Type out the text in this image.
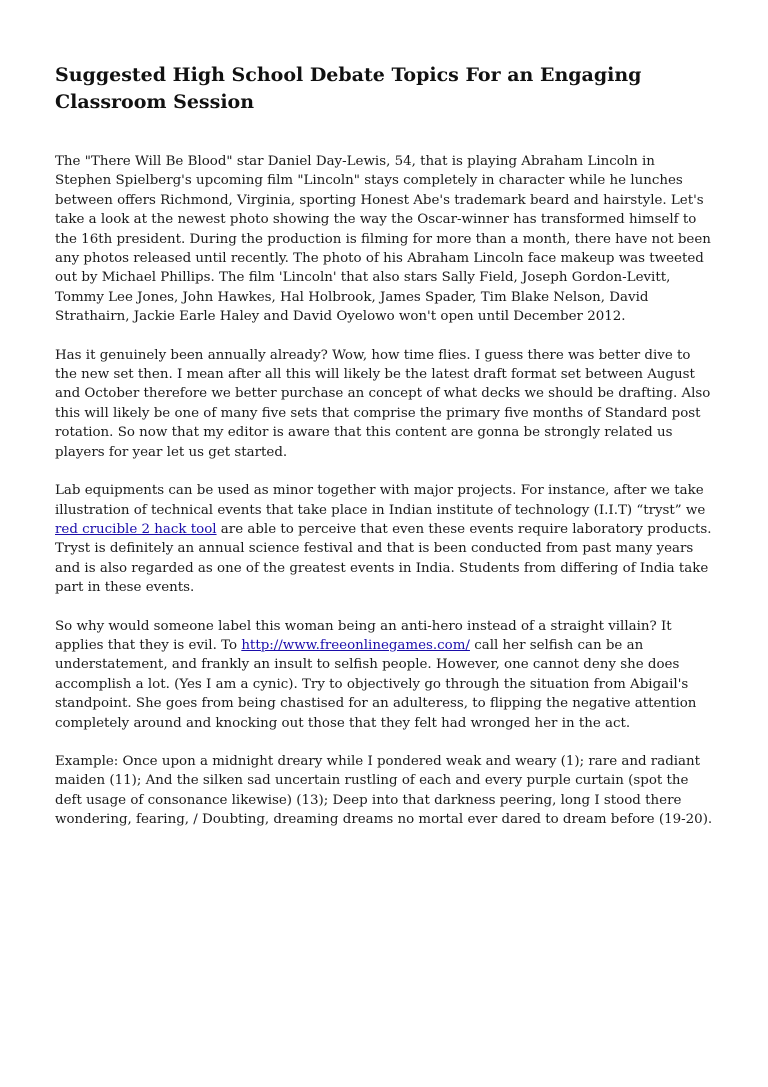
Suggested High School Debate Topics For an Engaging Classroom Session

The "There Will Be Blood" star Daniel Day-Lewis, 54, that is playing Abraham Lincoln in Stephen Spielberg's upcoming film "Lincoln" stays completely in character while he lunches between offers Richmond, Virginia, sporting Honest Abe's trademark beard and hairstyle. Let's take a look at the newest photo showing the way the Oscar-winner has transformed himself to the 16th president. During the production is filming for more than a month, there have not been any photos released until recently. The photo of his Abraham Lincoln face makeup was tweeted out by Michael Phillips. The film 'Lincoln' that also stars Sally Field, Joseph Gordon-Levitt, Tommy Lee Jones, John Hawkes, Hal Holbrook, James Spader, Tim Blake Nelson, David Strathairn, Jackie Earle Haley and David Oyelowo won't open until December 2012.

Has it genuinely been annually already? Wow, how time flies. I guess there was better dive to the new set then. I mean after all this will likely be the latest draft format set between August and October therefore we better purchase an concept of what decks we should be drafting. Also this will likely be one of many five sets that comprise the primary five months of Standard post rotation. So now that my editor is aware that this content are gonna be strongly related us players for year let us get started.

Lab equipments can be used as minor together with major projects. For instance, after we take illustration of technical events that take place in Indian institute of technology (I.I.T) “tryst” we red crucible 2 hack tool are able to perceive that even these events require laboratory products. Tryst is definitely an annual science festival and that is been conducted from past many years and is also regarded as one of the greatest events in India. Students from differing of India take part in these events.

So why would someone label this woman being an anti-hero instead of a straight villain? It applies that they is evil. To http://www.freeonlinegames.com/ call her selfish can be an understatement, and frankly an insult to selfish people. However, one cannot deny she does accomplish a lot. (Yes I am a cynic). Try to objectively go through the situation from Abigail's standpoint. She goes from being chastised for an adulteress, to flipping the negative attention completely around and knocking out those that they felt had wronged her in the act.

Example: Once upon a midnight dreary while I pondered weak and weary (1); rare and radiant maiden (11); And the silken sad uncertain rustling of each and every purple curtain (spot the deft usage of consonance likewise) (13); Deep into that darkness peering, long I stood there wondering, fearing, / Doubting, dreaming dreams no mortal ever dared to dream before (19-20).
